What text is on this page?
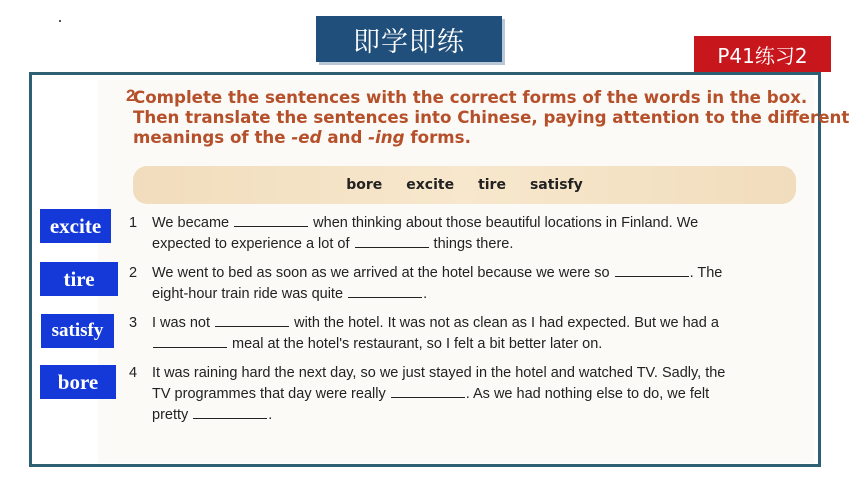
即学即练	P41练习2
2
Complete the sentences with the correct forms of the words in the box.
Then translate the sentences into Chinese, paying attention to the different
meanings of the -ed and -ing forms.
bore excite tire satisfy
1 We became	when thinking about those beautiful locations in Finland. We
expected to experience a lot of	things there.
2 We went to bed as soon as we arrived at the hotel because we were so	. The
eight-hour train ride was quite	.
3 I was not	with the hotel. It was not as clean as I had expected. But we had a
meal at the hotel's restaurant, so I felt a bit better later on.
4 It was raining hard the next day, so we just stayed in the hotel and watched TV. Sadly, the
TV programmes that day were really	. As we had nothing else to do, we felt
pretty	.
excite
tire
satisfy
bore
